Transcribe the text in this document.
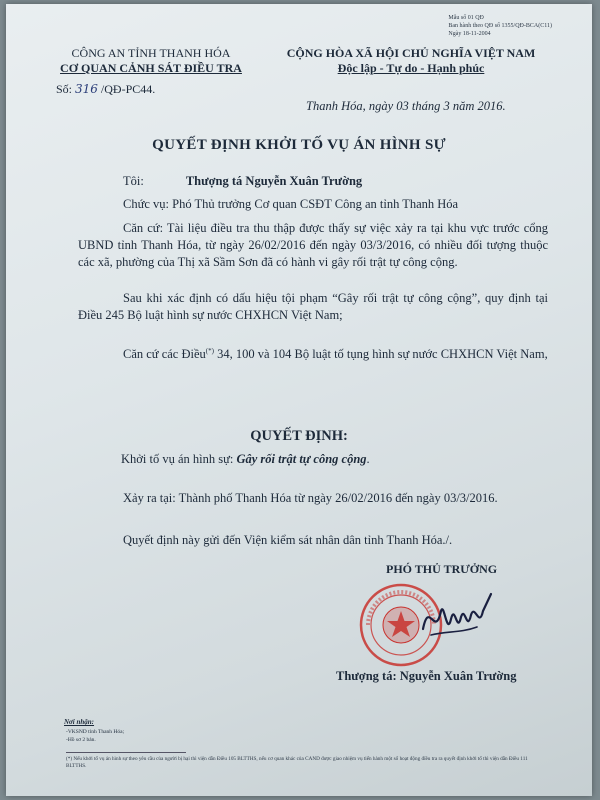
Mẫu số 01 QĐ
Ban hành theo QĐ số 1355/QĐ-BCA(C11)
Ngày 18-11-2004
CÔNG AN TỈNH THANH HÓA
CƠ QUAN CẢNH SÁT ĐIỀU TRA
Số: 316 /QĐ-PC44.
CỘNG HÒA XÃ HỘI CHỦ NGHĨA VIỆT NAM
Độc lập - Tự do - Hạnh phúc
Thanh Hóa, ngày 03 tháng 3 năm 2016.
QUYẾT ĐỊNH KHỞI TỐ VỤ ÁN HÌNH SỰ
Tôi:	Thượng tá Nguyễn Xuân Trường
Chức vụ: Phó Thủ trưởng Cơ quan CSĐT Công an tỉnh Thanh Hóa
Căn cứ: Tài liệu điều tra thu thập được thấy sự việc xảy ra tại khu vực trước cổng UBND tỉnh Thanh Hóa, từ ngày 26/02/2016 đến ngày 03/3/2016, có nhiều đối tượng thuộc các xã, phường của Thị xã Sầm Sơn đã có hành vi gây rối trật tự công cộng.
Sau khi xác định có dấu hiệu tội phạm “Gây rối trật tự công cộng”, quy định tại Điều 245 Bộ luật hình sự nước CHXHCN Việt Nam;
Căn cứ các Điều(*) 34, 100 và 104 Bộ luật tố tụng hình sự nước CHXHCN Việt Nam,
QUYẾT ĐỊNH:
Khởi tố vụ án hình sự: Gây rối trật tự công cộng.
Xảy ra tại: Thành phố Thanh Hóa từ ngày 26/02/2016 đến ngày 03/3/2016.
Quyết định này gửi đến Viện kiểm sát nhân dân tỉnh Thanh Hóa./.
PHÓ THỦ TRƯỞNG
Thượng tá: Nguyễn Xuân Trường
Nơi nhận:
-VKSND tỉnh Thanh Hóa;
-Hồ sơ 2 bản.
(*) Nếu khởi tố vụ án hình sự theo yêu cầu của người bị hại thì viện dẫn Điều 105 BLTTHS, nếu cơ quan khác của CAND được giao nhiệm vụ tiến hành một số hoạt động điều tra ra quyết định khởi tố thì viện dẫn Điều 111 BLTTHS.
